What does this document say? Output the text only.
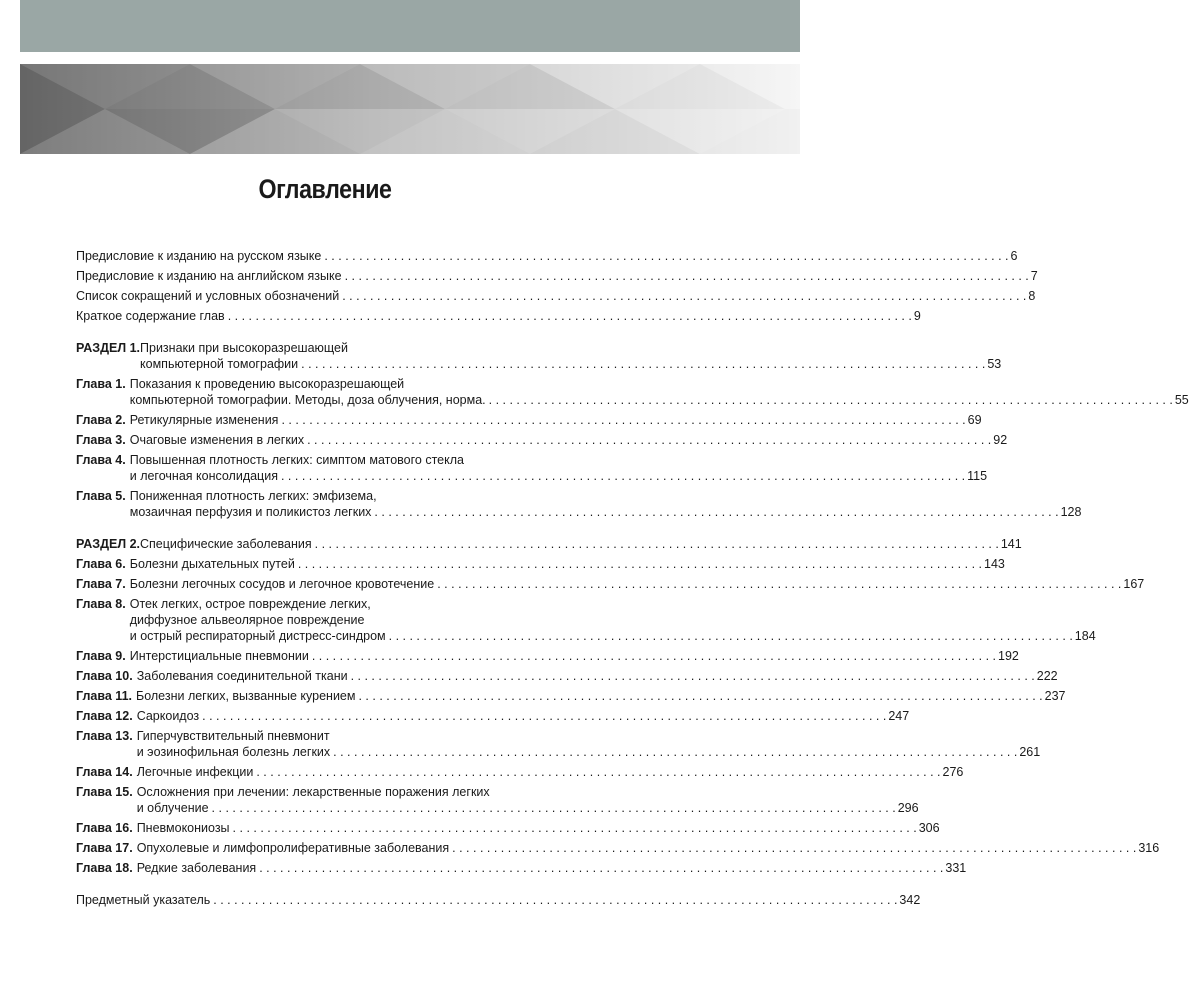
Оглавление
Предисловие к изданию на русском языке . . .	6
Предисловие к изданию на английском языке . . .	7
Список сокращений и условных обозначений . . .	8
Краткое содержание глав . . .	9
РАЗДЕЛ 1. Признаки при высокоразрешающей
компьютерной томографии . . .	53
Глава 1. Показания к проведению высокоразрешающей
компьютерной томографии. Методы, доза облучения, норма. . . .	55
Глава 2. Ретикулярные изменения . . .	69
Глава 3. Очаговые изменения в легких . . .	92
Глава 4. Повышенная плотность легких: симптом матового стекла
и легочная консолидация . . .	115
Глава 5. Пониженная плотность легких: эмфизема,
мозаичная перфузия и поликистоз легких . . .	128
РАЗДЕЛ 2. Специфические заболевания . . .	141
Глава 6. Болезни дыхательных путей . . .	143
Глава 7. Болезни легочных сосудов и легочное кровотечение . . .	167
Глава 8. Отек легких, острое повреждение легких,
диффузное альвеолярное повреждение
и острый респираторный дистресс-синдром . . .	184
Глава 9. Интерстициальные пневмонии . . .	192
Глава 10. Заболевания соединительной ткани . . .	222
Глава 11. Болезни легких, вызванные курением . . .	237
Глава 12. Саркоидоз . . .	247
Глава 13. Гиперчувствительный пневмонит
и эозинофильная болезнь легких . . .	261
Глава 14. Легочные инфекции . . .	276
Глава 15. Осложнения при лечении: лекарственные поражения легких
и облучение . . .	296
Глава 16. Пневмокониозы . . .	306
Глава 17. Опухолевые и лимфопролиферативные заболевания . . .	316
Глава 18. Редкие заболевания . . .	331
Предметный указатель . . .	342
